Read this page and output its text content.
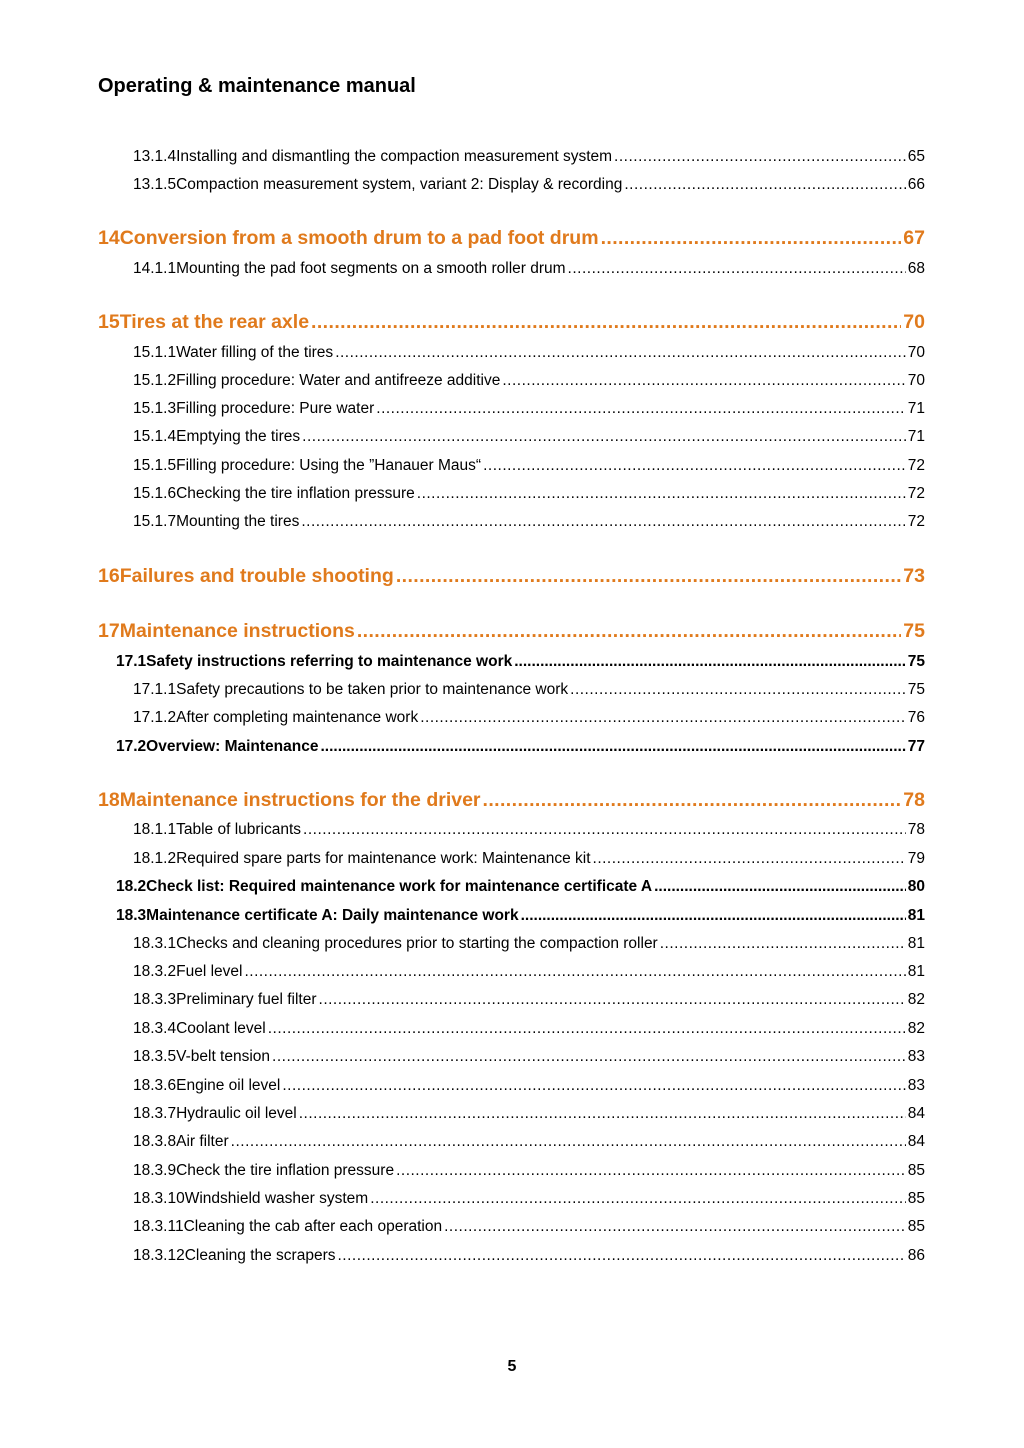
Operating & maintenance manual
13.1.4 Installing and dismantling the compaction measurement system .....	65
13.1.5 Compaction measurement system, variant 2: Display & recording .....	66
14 Conversion from a smooth drum to a pad foot drum .....	67
14.1.1 Mounting the pad foot segments on a smooth roller drum .....	68
15 Tires at the rear axle .....	70
15.1.1 Water filling of the tires .....	70
15.1.2 Filling procedure: Water and antifreeze additive .....	70
15.1.3 Filling procedure: Pure water .....	71
15.1.4 Emptying the tires .....	71
15.1.5 Filling procedure: Using the ”Hanauer Maus“ .....	72
15.1.6 Checking the tire inflation pressure .....	72
15.1.7 Mounting the tires .....	72
16 Failures and trouble shooting .....	73
17 Maintenance instructions .....	75
17.1 Safety instructions referring to maintenance work .....	75
17.1.1 Safety precautions to be taken prior to maintenance work .....	75
17.1.2 After completing maintenance work .....	76
17.2 Overview: Maintenance .....	77
18 Maintenance instructions for the driver .....	78
18.1.1 Table of lubricants .....	78
18.1.2 Required spare parts for maintenance work: Maintenance kit .....	79
18.2 Check list: Required maintenance work for maintenance certificate A .....	80
18.3 Maintenance certificate A: Daily maintenance work .....	81
18.3.1 Checks and cleaning procedures prior to starting the compaction roller .....	81
18.3.2 Fuel level .....	81
18.3.3 Preliminary fuel filter .....	82
18.3.4 Coolant level .....	82
18.3.5 V-belt tension .....	83
18.3.6 Engine oil level .....	83
18.3.7 Hydraulic oil level .....	84
18.3.8 Air filter .....	84
18.3.9 Check the tire inflation pressure .....	85
18.3.10 Windshield washer system .....	85
18.3.11 Cleaning the cab after each operation .....	85
18.3.12 Cleaning the scrapers .....	86
5
